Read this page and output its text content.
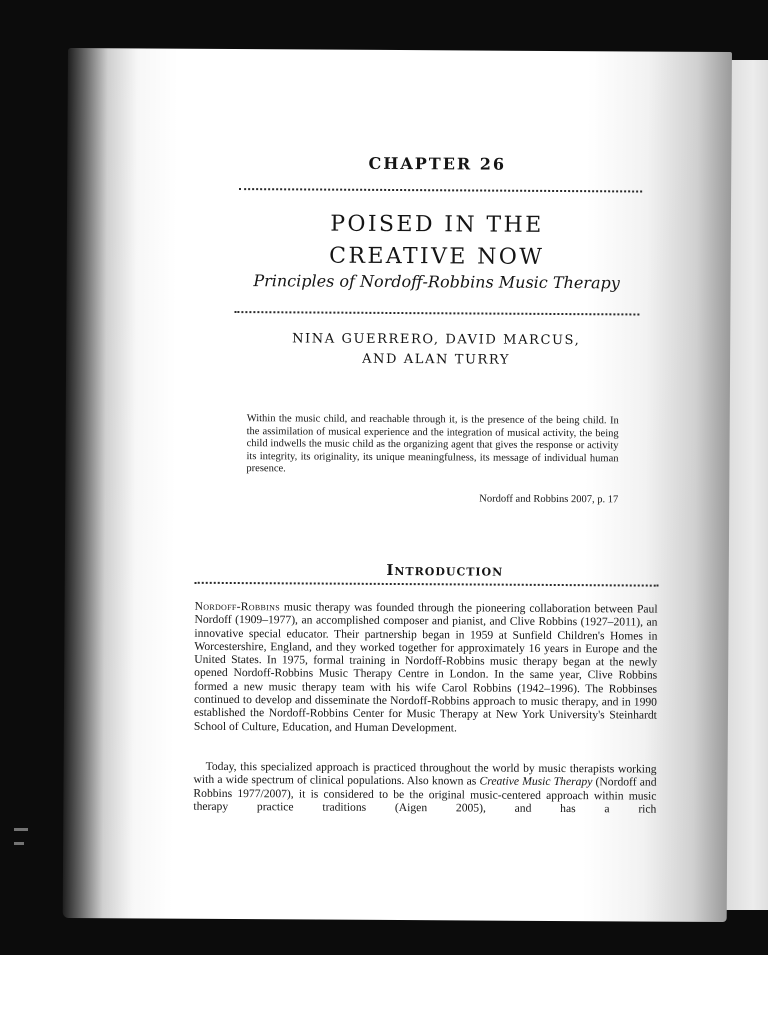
CHAPTER 26
POISED IN THE
CREATIVE NOW

Principles of Nordoff-Robbins Music Therapy

NINA GUERRERO, DAVID MARCUS,

AND ALAN TURRY

Within the music child, and reachable through it, is the presence of the being child. In the assimilation of musical experience and the integration of musical activity, the being child indwells the music child as the organizing agent that gives the response or activity its integrity, its originality, its unique meaningfulness, its message of individual human presence.

Nordoff and Robbins 2007, p. 17

Introduction

Nordoff-Robbins music therapy was founded through the pioneering collaboration between Paul Nordoff (1909–1977), an accomplished composer and pianist, and Clive Robbins (1927–2011), an innovative special educator. Their partnership began in 1959 at Sunfield Children's Homes in Worcestershire, England, and they worked together for approximately 16 years in Europe and the United States. In 1975, formal training in Nordoff-Robbins music therapy began at the newly opened Nordoff-Robbins Music Therapy Centre in London. In the same year, Clive Robbins formed a new music therapy team with his wife Carol Robbins (1942–1996). The Robbinses continued to develop and disseminate the Nordoff-Robbins approach to music therapy, and in 1990 established the Nordoff-Robbins Center for Music Therapy at New York University's Steinhardt School of Culture, Education, and Human Development.

Today, this specialized approach is practiced throughout the world by music therapists working with a wide spectrum of clinical populations. Also known as Creative Music Therapy (Nordoff and Robbins 1977/2007), it is considered to be the original music-centered approach within music therapy practice traditions (Aigen 2005), and has a rich
